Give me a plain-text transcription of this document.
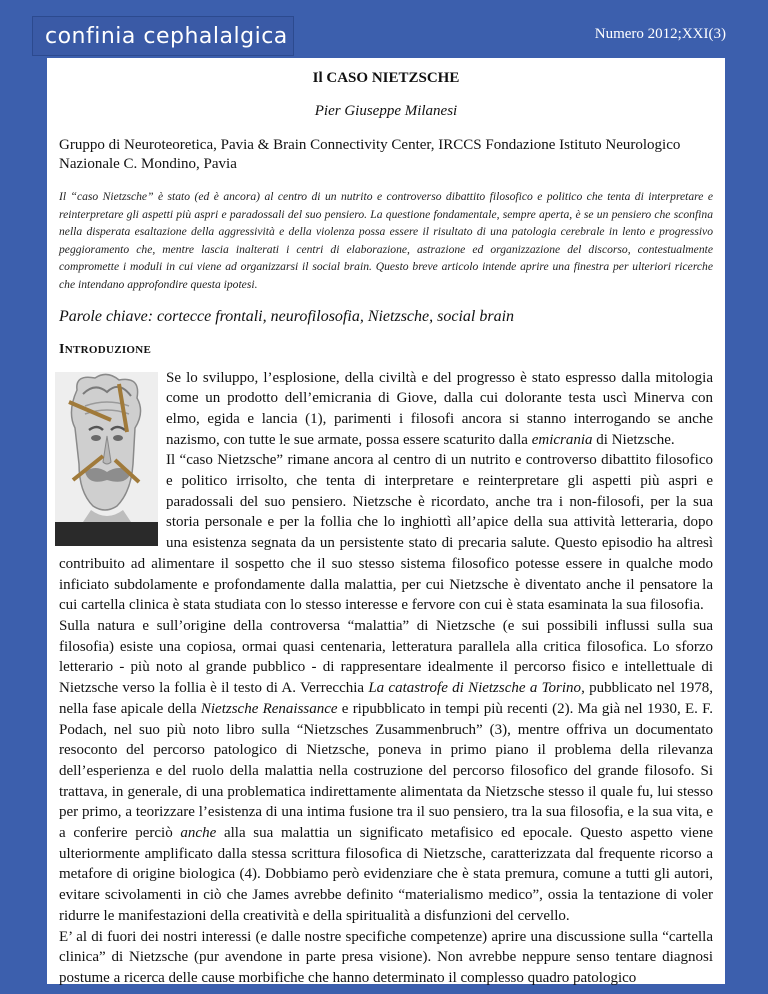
confinia cephalalgica	Numero 2012;XXI(3)
Il CASO NIETZSCHE
Pier Giuseppe Milanesi
Gruppo di Neuroteoretica, Pavia & Brain Connectivity Center, IRCCS Fondazione Istituto Neurologico Nazionale C. Mondino, Pavia
Il “caso Nietzsche” è stato (ed è ancora) al centro di un nutrito e controverso dibattito filosofico e politico che tenta di interpretare e reinterpretare gli aspetti più aspri e paradossali del suo pensiero. La questione fondamentale, sempre aperta, è se un pensiero che sconfina nella disperata esaltazione della aggressività e della violenza possa essere il risultato di una patologia cerebrale in lento e progressivo peggioramento che, mentre lascia inalterati i centri di elaborazione, astrazione ed organizzazione del discorso, contestualmente compromette i moduli in cui viene ad organizzarsi il social brain. Questo breve articolo intende aprire una finestra per ulteriori ricerche che intendano approfondire questa ipotesi.
Parole chiave: cortecce frontali, neurofilosofia, Nietzsche, social brain
INTRODUZIONE

Se lo sviluppo, l’esplosione, della civiltà e del progresso è stato espresso dalla mitologia come un prodotto dell’emicrania di Giove, dalla cui dolorante testa uscì Minerva con elmo, egida e lancia (1), parimenti i filosofi ancora si stanno interrogando se anche nazismo, con tutte le sue armate, possa essere scaturito dalla emicrania di Nietzsche.

Il “caso Nietzsche” rimane ancora al centro di un nutrito e controverso dibattito filosofico e politico irrisolto, che tenta di interpretare e reinterpretare gli aspetti più aspri e paradossali del suo pensiero. Nietzsche è ricordato, anche tra i non-filosofi, per la sua storia personale e per la follia che lo inghiottì all’apice della sua attività letteraria, dopo una esistenza segnata da un persistente stato di precaria salute. Questo episodio ha altresì contribuito ad alimentare il sospetto che il suo stesso sistema filosofico potesse essere in qualche modo inficiato subdolamente e profondamente dalla malattia, per cui Nietzsche è diventato anche il pensatore la cui cartella clinica è stata studiata con lo stesso interesse e fervore con cui è stata esaminata la sua filosofia.

Sulla natura e sull’origine della controversa “malattia” di Nietzsche (e sui possibili influssi sulla sua filosofia) esiste una copiosa, ormai quasi centenaria, letteratura parallela alla critica filosofica. Lo sforzo letterario - più noto al grande pubblico - di rappresentare idealmente il percorso fisico e intellettuale di Nietzsche verso la follia è il testo di A. Verrecchia La catastrofe di Nietzsche a Torino, pubblicato nel 1978, nella fase apicale della Nietzsche Renaissance e ripubblicato in tempi più recenti (2). Ma già nel 1930, E. F. Podach, nel suo più noto libro sulla “Nietzsches Zusammenbruch” (3), mentre offriva un documentato resoconto del percorso patologico di Nietzsche, poneva in primo piano il problema della rilevanza dell’esperienza e del ruolo della malattia nella costruzione del percorso filosofico del grande filosofo. Si trattava, in generale, di una problematica indirettamente alimentata da Nietzsche stesso il quale fu, lui stesso per primo, a teorizzare l’esistenza di una intima fusione tra il suo pensiero, tra la sua filosofia, e la sua vita, e a conferire perciò anche alla sua malattia un significato metafisico ed epocale. Questo aspetto viene ulteriormente amplificato dalla stessa scrittura filosofica di Nietzsche, caratterizzata dal frequente ricorso a metafore di origine biologica (4). Dobbiamo però evidenziare che è stata premura, comune a tutti gli autori, evitare scivolamenti in ciò che James avrebbe definito “materialismo medico”, ossia la tentazione di voler ridurre le manifestazioni della creatività e della spiritualità a disfunzioni del cervello.

E’ al di fuori dei nostri interessi (e dalle nostre specifiche competenze) aprire una discussione sulla “cartella clinica” di Nietzsche (pur avendone in parte presa visione). Non avrebbe neppure senso tentare diagnosi postume a ricerca delle cause morbifiche che hanno determinato il complesso quadro patologico
